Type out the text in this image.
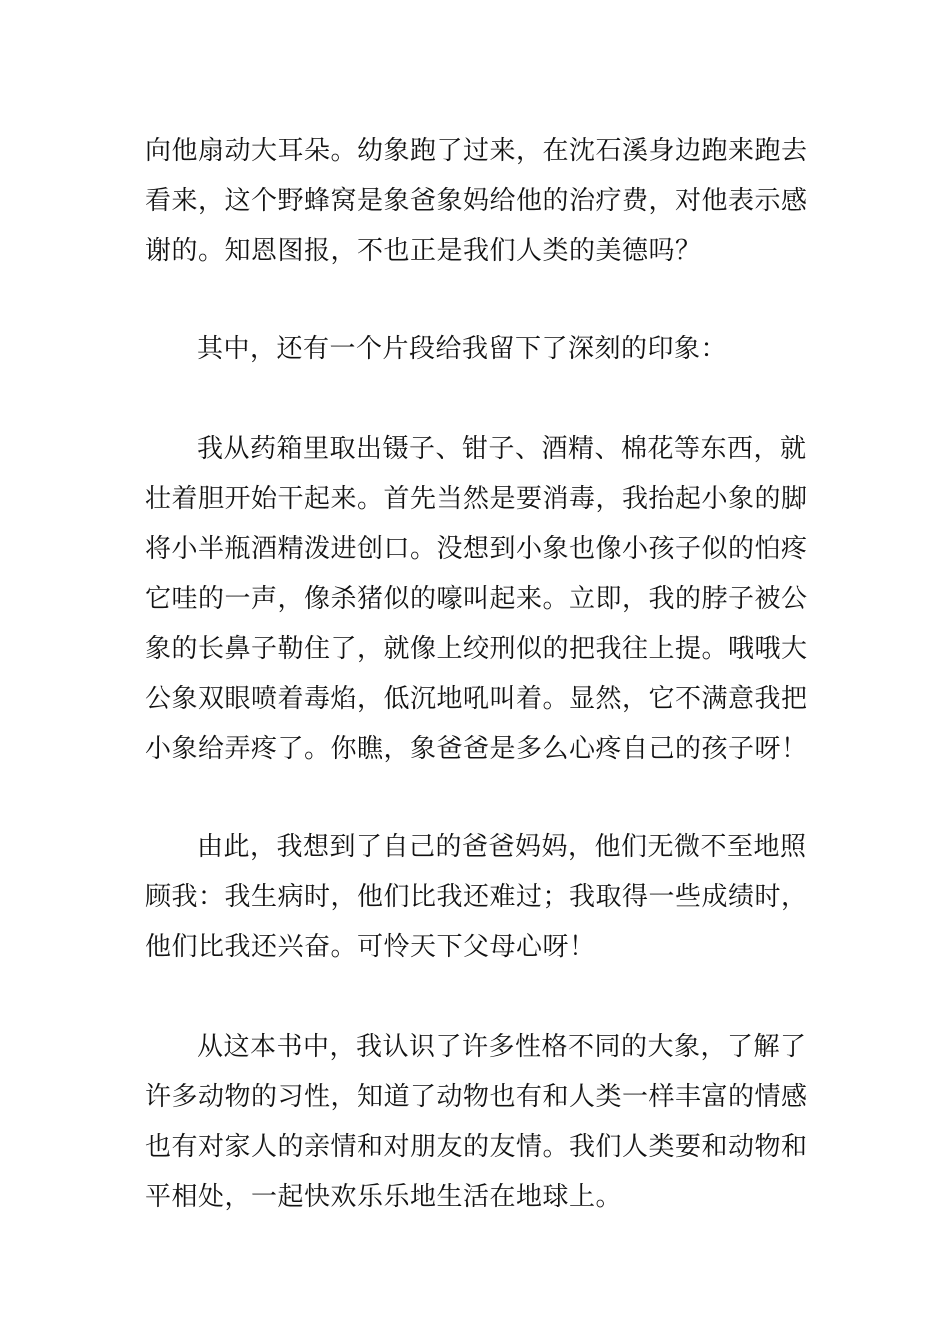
向他扇动大耳朵。幼象跑了过来，在沈石溪身边跑来跑去
看来，这个野蜂窝是象爸象妈给他的治疗费，对他表示感
谢的。知恩图报，不也正是我们人类的美德吗？
其中，还有一个片段给我留下了深刻的印象：
我从药箱里取出镊子、钳子、酒精、棉花等东西，就
壮着胆开始干起来。首先当然是要消毒，我抬起小象的脚
将小半瓶酒精泼进创口。没想到小象也像小孩子似的怕疼
它哇的一声，像杀猪似的嚎叫起来。立即，我的脖子被公
象的长鼻子勒住了，就像上绞刑似的把我往上提。哦哦大
公象双眼喷着毒焰，低沉地吼叫着。显然，它不满意我把
小象给弄疼了。你瞧，象爸爸是多么心疼自己的孩子呀！
由此，我想到了自己的爸爸妈妈，他们无微不至地照
顾我：我生病时，他们比我还难过；我取得一些成绩时，
他们比我还兴奋。可怜天下父母心呀！
从这本书中，我认识了许多性格不同的大象，了解了
许多动物的习性，知道了动物也有和人类一样丰富的情感
也有对家人的亲情和对朋友的友情。我们人类要和动物和
平相处，一起快欢乐乐地生活在地球上。
